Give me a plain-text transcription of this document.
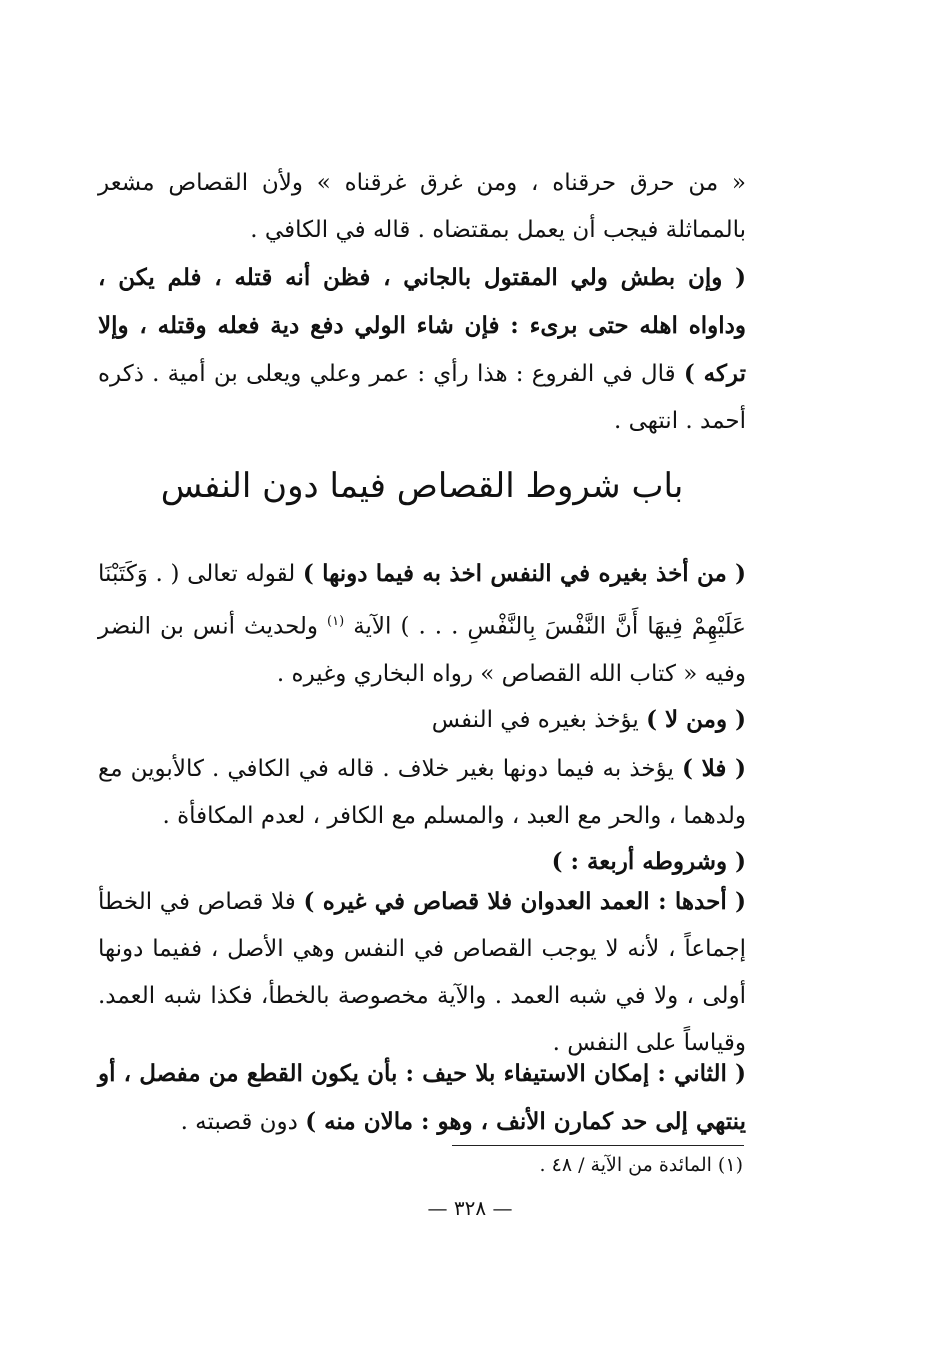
« من حرق حرقناه ، ومن غرق غرقناه » ولأن القصاص مشعر بالمماثلة فيجب أن يعمل بمقتضاه . قاله في الكافي .
( وإن بطش ولي المقتول بالجاني ، فظن أنه قتله ، فلم يكن ، وداواه اهله حتى برىء : فإن شاء الولي دفع دية فعله وقتله ، وإلا تركه ) قال في الفروع : هذا رأي : عمر وعلي ويعلى بن أمية . ذكره أحمد . انتهى .
باب شروط القصاص فيما دون النفس
( من أخذ بغيره في النفس اخذ به فيما دونها ) لقوله تعالى ( . وَكَتَبْنَا عَلَيْهِمْ فِيهَا أَنَّ النَّفْسَ بِالنَّفْسِ . . . ) الآية $^{(١)}$ ولحديث أنس بن النضر وفيه « كتاب الله القصاص » رواه البخاري وغيره .
( ومن لا ) يؤخذ بغيره في النفس
( فلا ) يؤخذ به فيما دونها بغير خلاف . قاله في الكافي . كالأبوين مع ولدهما ، والحر مع العبد ، والمسلم مع الكافر ، لعدم المكافأة .
( وشروطه أربعة : )
( أحدها : العمد العدوان فلا قصاص في غيره ) فلا قصاص في الخطأ إجماعاً ، لأنه لا يوجب القصاص في النفس وهي الأصل ، ففيما دونها أولى ، ولا في شبه العمد . والآية مخصوصة بالخطأ، فكذا شبه العمد. وقياساً على النفس .
( الثاني : إمكان الاستيفاء بلا حيف : بأن يكون القطع من مفصل ، أو ينتهي إلى حد كمارن الأنف ، وهو : مالان منه ) دون قصبته .
(١) المائدة من الآية / ٤٨ .
— ٣٢٨ —
